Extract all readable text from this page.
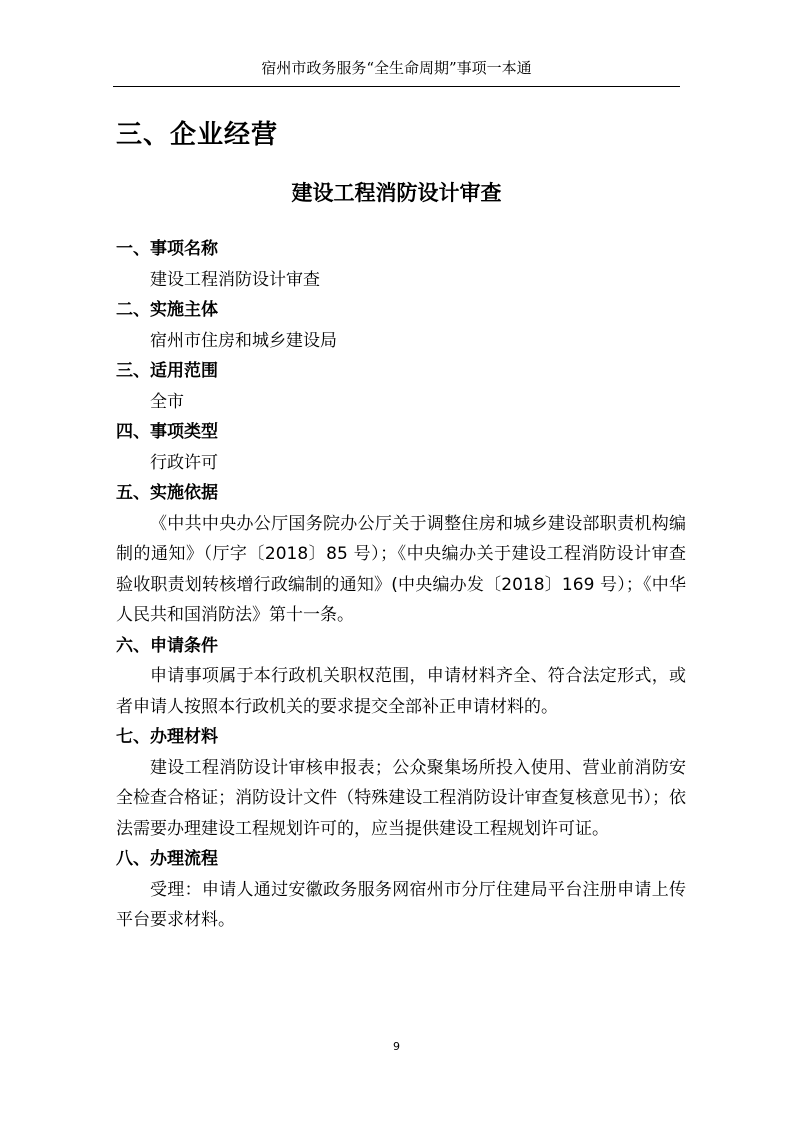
宿州市政务服务“全生命周期”事项一本通
三、企业经营
建设工程消防设计审查
一、事项名称

建设工程消防设计审查

二、实施主体

宿州市住房和城乡建设局

三、适用范围

全市

四、事项类型

行政许可

五、实施依据

《中共中央办公厅国务院办公厅关于调整住房和城乡建设部职责机构编制的通知》（厅字〔2018〕85 号）；《中央编办关于建设工程消防设计审查验收职责划转核增行政编制的通知》(中央编办发〔2018〕169 号）；《中华人民共和国消防法》第十一条。

六、申请条件

申请事项属于本行政机关职权范围，申请材料齐全、符合法定形式，或者申请人按照本行政机关的要求提交全部补正申请材料的。

七、办理材料

建设工程消防设计审核申报表；公众聚集场所投入使用、营业前消防安全检查合格证；消防设计文件（特殊建设工程消防设计审查复核意见书）；依法需要办理建设工程规划许可的，应当提供建设工程规划许可证。

八、办理流程

受理：申请人通过安徽政务服务网宿州市分厅住建局平台注册申请上传平台要求材料。

9
